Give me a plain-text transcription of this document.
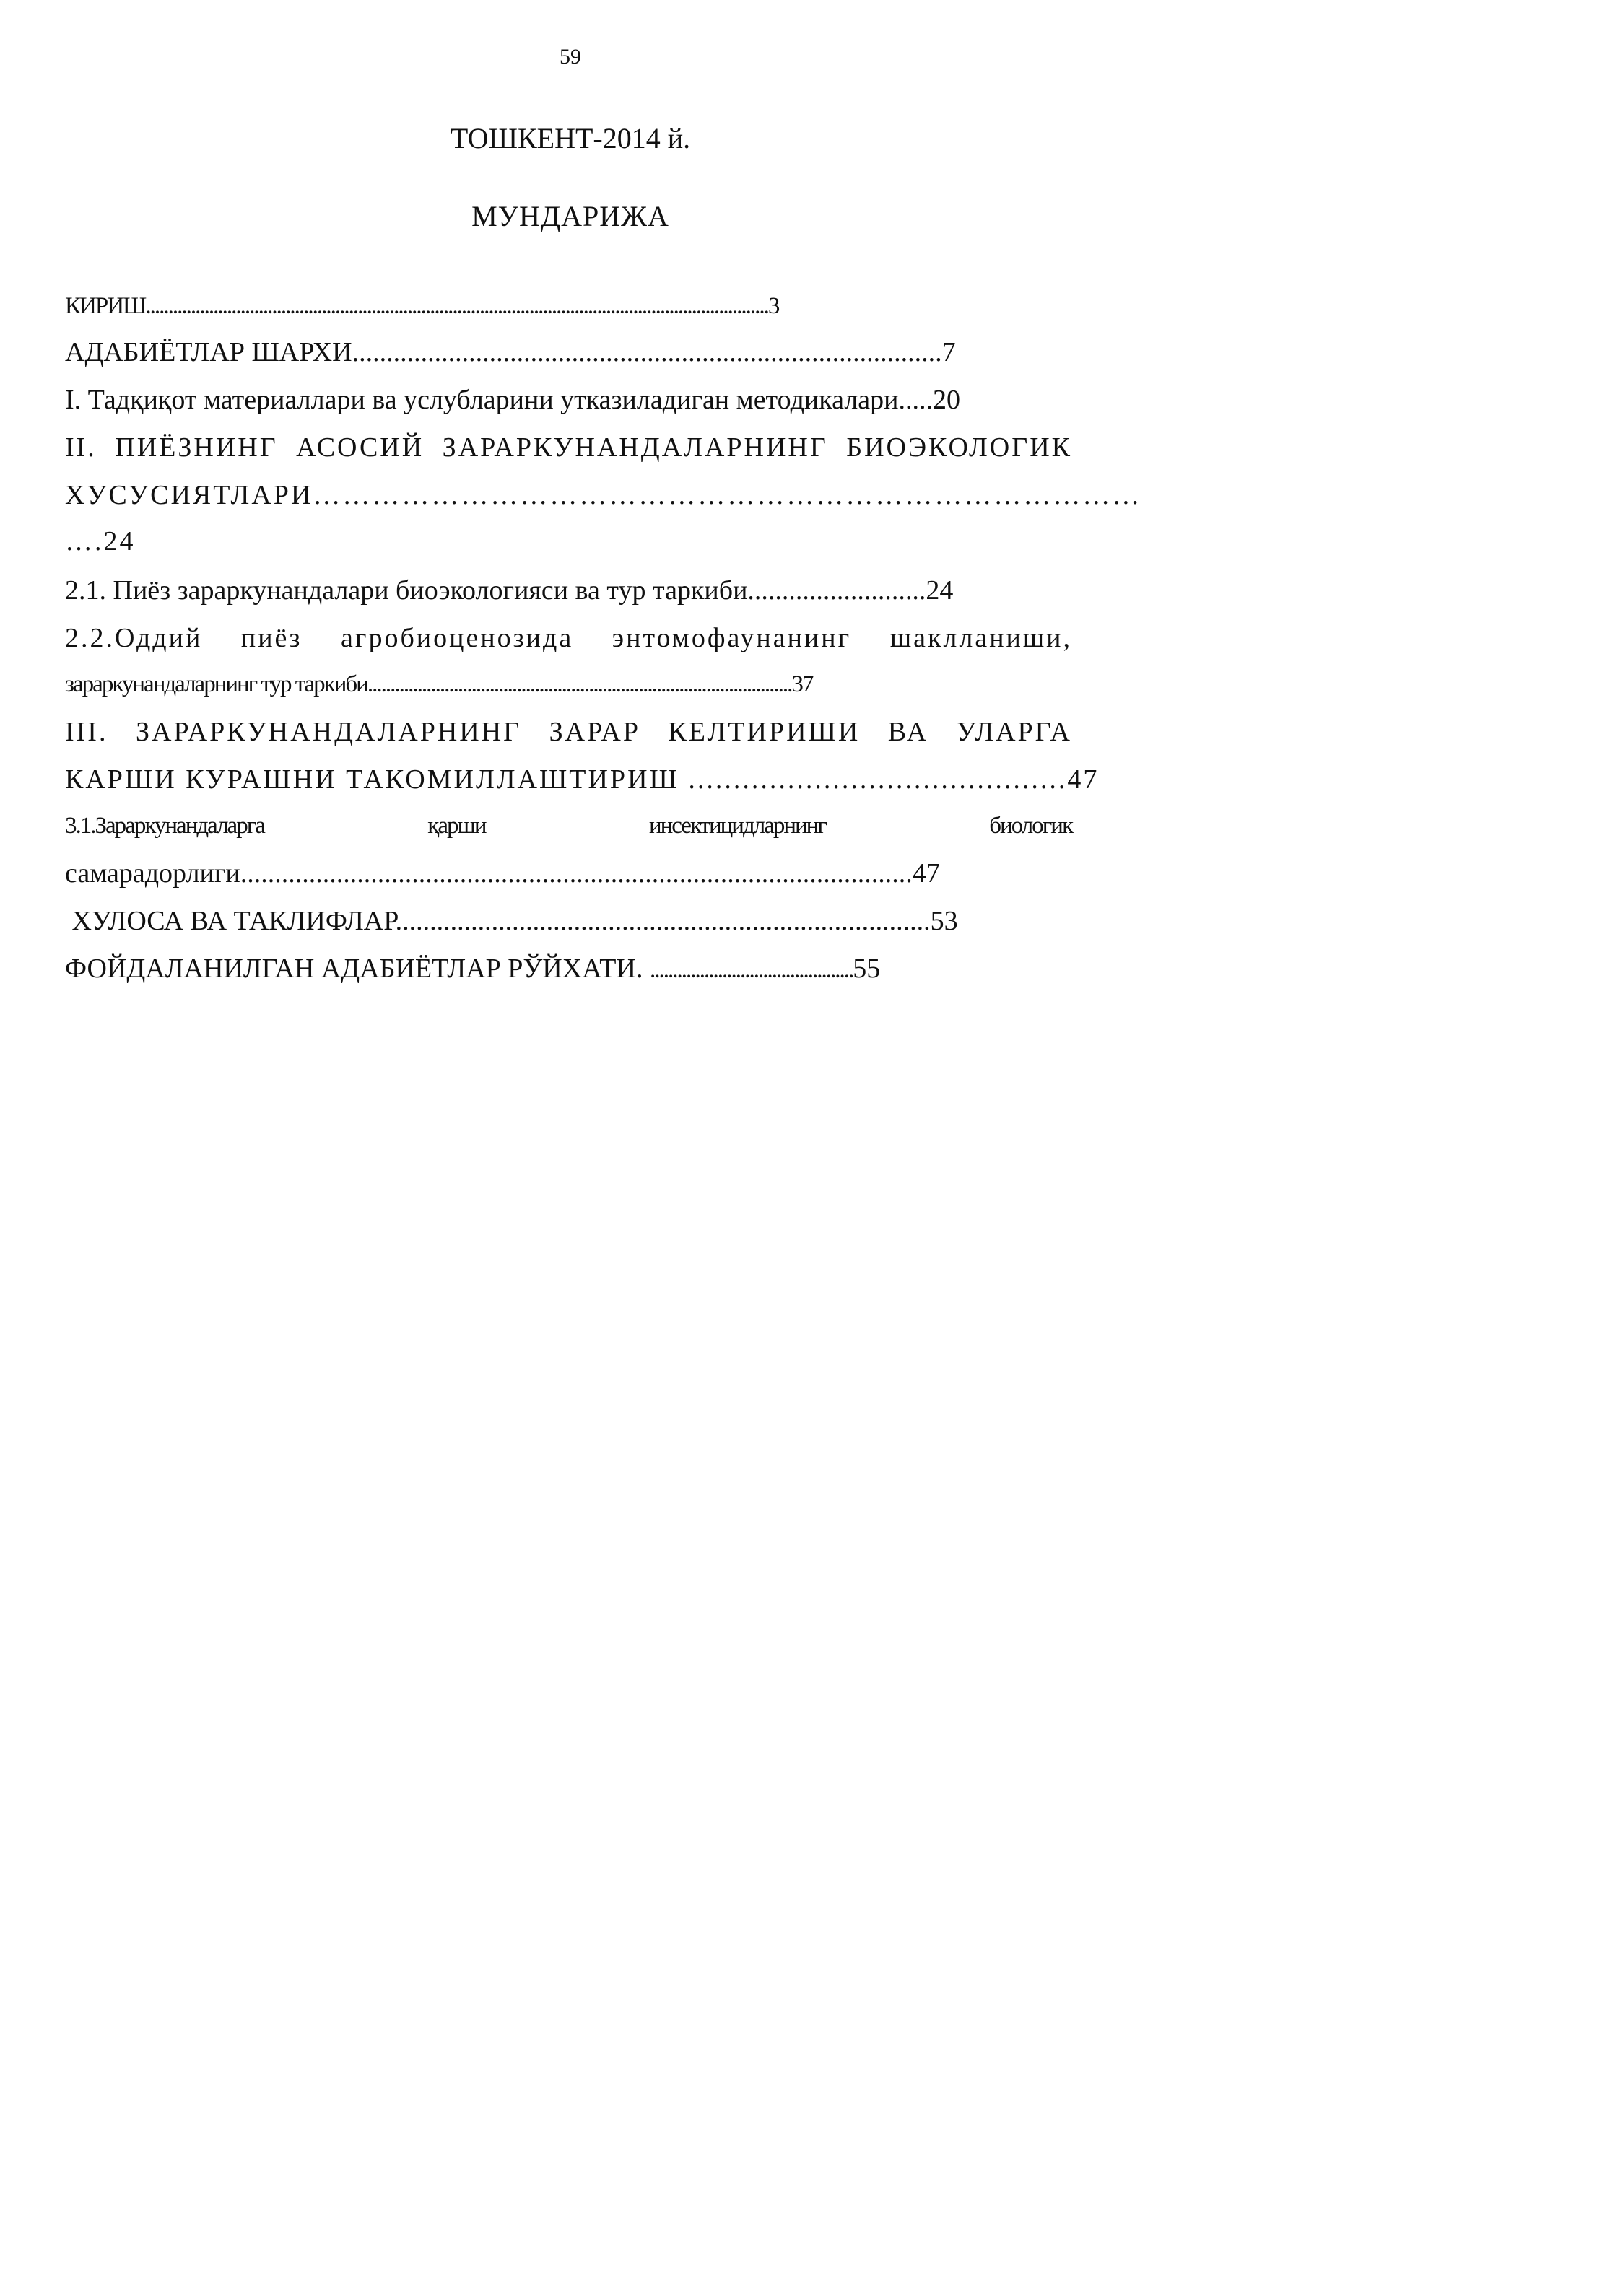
59
ТОШКЕНТ-2014 й.
МУНДАРИЖА
КИРИШ..........................................................................................................................................3
АДАБИЁТЛАР ШАРХИ......................................................................................7
I. Тадқиқот материаллари ва услубларини утказиладиган методикалари.....20
II. ПИЁЗНИНГ АСОСИЙ ЗАРАРКУНАНДАЛАРНИНГ БИОЭКОЛОГИК
ХУСУСИЯТЛАРИ…………………………………………………………………………
….24
2.1. Пиёз зараркунандалари биоэкологияси ва тур таркиби..........................24
2.2.Оддий пиёз агробиоценозида энтомофаунанинг шаклланиши,
зараркунандаларнинг тур таркиби..............................................................................................37
III. ЗАРАРКУНАНДАЛАРНИНГ ЗАРАР КЕЛТИРИШИ ВА УЛАРГА
КАРШИ КУРАШНИ ТАКОМИЛЛАШТИРИШ ..........................................47
3.1.Зараркунандаларга	қарши	инсектицидларнинг	биологик
самарадорлиги..................................................................................................47
ХУЛОСА ВА ТАКЛИФЛАР..............................................................................53
ФОЙДАЛАНИЛГАН АДАБИЁТЛАР РЎЙХАТИ. .............................................55
